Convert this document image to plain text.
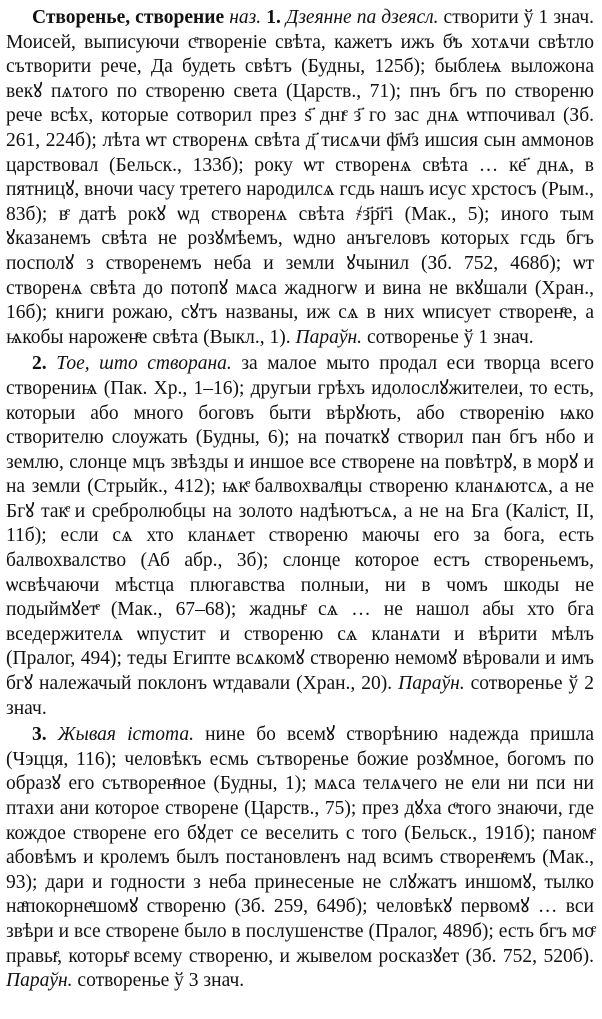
Створенье, створение наз. 1. Дзеянне па дзеясл. створити ў 1 знач. Моисей, выписуючи сͤтвореніе свѣта, кажетъ ижъ бͦъ хотѧчи свѣтло сътворити рече, Да будеть свѣтъ (Будны, 125б); быблеѩ выложона векꙋ пѧтого по створеню света (Царств., 71); пнъ бгъ по створеню рече всѣх, которые сотворил през ѕ҃ днıͤ з҃ го зас днѧ ѡтпочивал (Зб. 261, 224б); лѣта ѡт створенѧ свѣта д҃ тисѧчи ф҃м҃з ишсия сын аммонов царствовал (Бельск., 133б); року ѡт створенѧ свѣта … ке҃ днѧ, в пятницꙋ, вночи часу третего народилсѧ гсдь нашъ исус хрстосъ (Рым., 83б); вͤ датѣ рокꙋ ѡд створенѧ свѣта ҂з҃р҃г҃і (Мак., 5); иного тым ꙋказанемъ свѣта не розꙋмѣемъ, ѡдно анъгеловъ которых гсдь бгъ посполꙋ з створенемъ неба и земли ꙋчынил (Зб. 752, 468б); ѡт створенѧ свѣта до потопꙋ мѧса жадногѡ и вина не вкꙋшали (Хран., 16б); книги рожаю, сꙋтъ названы, иж сѧ в них ѡписует створенͤе, а ѩкобы нароженͤе свѣта (Выкл., 1). Параўн. сотворенье ў 1 знач.

2. Тое, што створана. за малое мыто продал еси творца всего створениѩ (Пак. Хр., 1–16); другыи грѣхъ идолослꙋжителеи, то есть, которыи або много боговъ быти вѣрꙋють, або створенію ѩко створителю слоужать (Будны, 6); на початкꙋ створил пан бгъ нбо и землю, слонце мцъ звѣзды и иншое все створене на повѣтрꙋ, в морꙋ и на земли (Стрыйк., 412); ѩкͤ балвохвалͤцы створеню кланѧютсѧ, а не Бгꙋ такͤ и сребролюбцы на золото надѣютъсѧ, а не на Бга (Каліст, II, 11б); если сѧ хто кланѧет створеню маючы его за бога, есть балвохвалство (Аб абр., 3б); слонце которое естъ створеньемъ, ѡсвѣчаючи мѣстца плюгавства полныи, ни в чомъ шкоды не подыймꙋетͤ (Мак., 67–68); жадныͤ сѧ … не нашол абы хто бга вседержителѧ ѡпустит и створеню сѧ кланѧти и вѣрити мѣлъ (Пралог, 494); теды Египте всѧкомꙋ створеню немомꙋ вѣровали и имъ бгꙋ належачый поклонъ ѡтдавали (Хран., 20). Параўн. сотворенье ў 2 знач.

3. Жывая істота. нине бо всемꙋ створѣнию надежда пришла (Чэцця, 116); человѣкъ есмь сътворенье божие розꙋмное, богомъ по образꙋ его сътворенͤное (Будны, 1); мѧса телѧчего не ели ни пси ни птахи ани которое створене (Царств., 75); през дꙋха сͦтого знаючи, где кождое створене его бꙋдет се веселить с того (Бельск., 191б); паномͤ абовѣмъ и кролемъ былъ постановленъ над всимъ створенͤемъ (Мак., 93); дари и годности з неба принесеные не слꙋжатъ иншомꙋ, тылко наͤпокорнеͤшомꙋ створеню (Зб. 259, 649б); человѣкꙋ первомꙋ … вси звѣри и все створене было в послушенстве (Пралог, 489б); есть бгъ моͤ правыͤ, которыͤ всему створеню, и жывелом росказꙋет (Зб. 752, 520б). Параўн. сотворенье ў 3 знач.
